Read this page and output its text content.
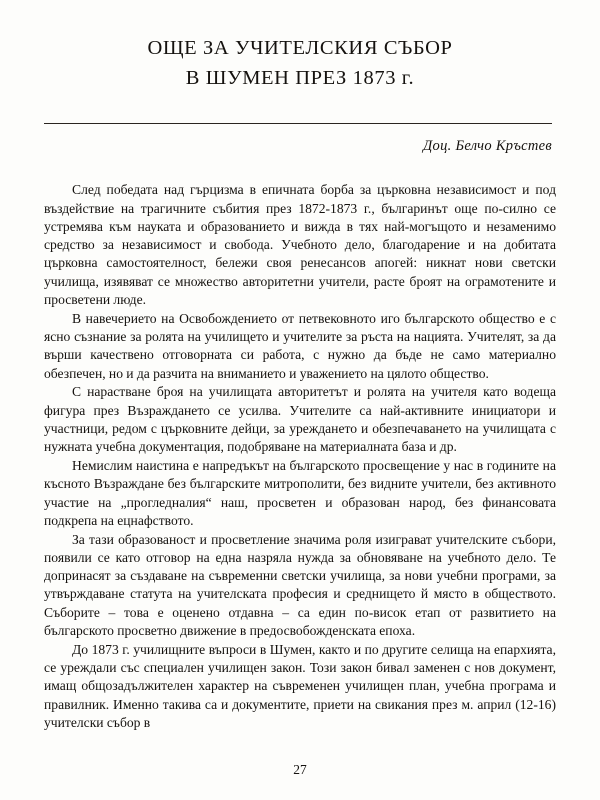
ОЩЕ ЗА УЧИТЕЛСКИЯ СЪБОР
В ШУМЕН ПРЕЗ 1873 г.
Доц. Белчо Кръстев

След победата над гърцизма в епичната борба за църковна независимост и под въздействие на трагичните събития през 1872-1873 г., българинът още по-силно се устремява към науката и образованието и вижда в тях най-могъщото и незаменимо средство за независимост и свобода. Учебното дело, благодарение и на добитата църковна самостоятелност, бележи своя ренесансов апогей: никнат нови светски училища, изявяват се множество авторитетни учители, расте броят на ограмотените и просветени люде.

В навечерието на Освобождението от петвековното иго българското общество е с ясно съзнание за ролята на училището и учителите за ръста на нацията. Учителят, за да върши качествено отговорната си работа, с нужно да бъде не само материално обезпечен, но и да разчита на вниманието и уважението на цялото общество.

С нарастване броя на училищата авторитетът и ролята на учителя като водеща фигура през Възраждането се усилва. Учителите са най-активните инициатори и участници, редом с църковните дейци, за уреждането и обезпечаването на училищата с нужната учебна документация, подобряване на материалната база и др.

Немислим наистина е напредъкът на българското просвещение у нас в годините на късното Възраждане без българските митрополити, без видните учители, без активното участие на „прогледналия“ наш, просветен и образован народ, без финансовата подкрепа на ецнафството.

За тази образованост и просветление значима роля изиграват учителските събори, появили се като отговор на една назряла нужда за обновяване на учебното дело. Те допринасят за създаване на съвременни светски училища, за нови учебни програми, за утвърждаване статута на учителската професия и среднището й място в обществото. Съборите – това е оценено отдавна – са един по-висок етап от развитието на българското просветно движение в предосвобожденската епоха.

До 1873 г. училищните въпроси в Шумен, както и по другите селища на епархията, се уреждали със специален училищен закон. Този закон бивал заменен с нов документ, имащ общозадължителен характер на съвременен училищен план, учебна програма и правилник. Именно такива са и документите, приети на свикания през м. април (12-16) учителски събор в

27
